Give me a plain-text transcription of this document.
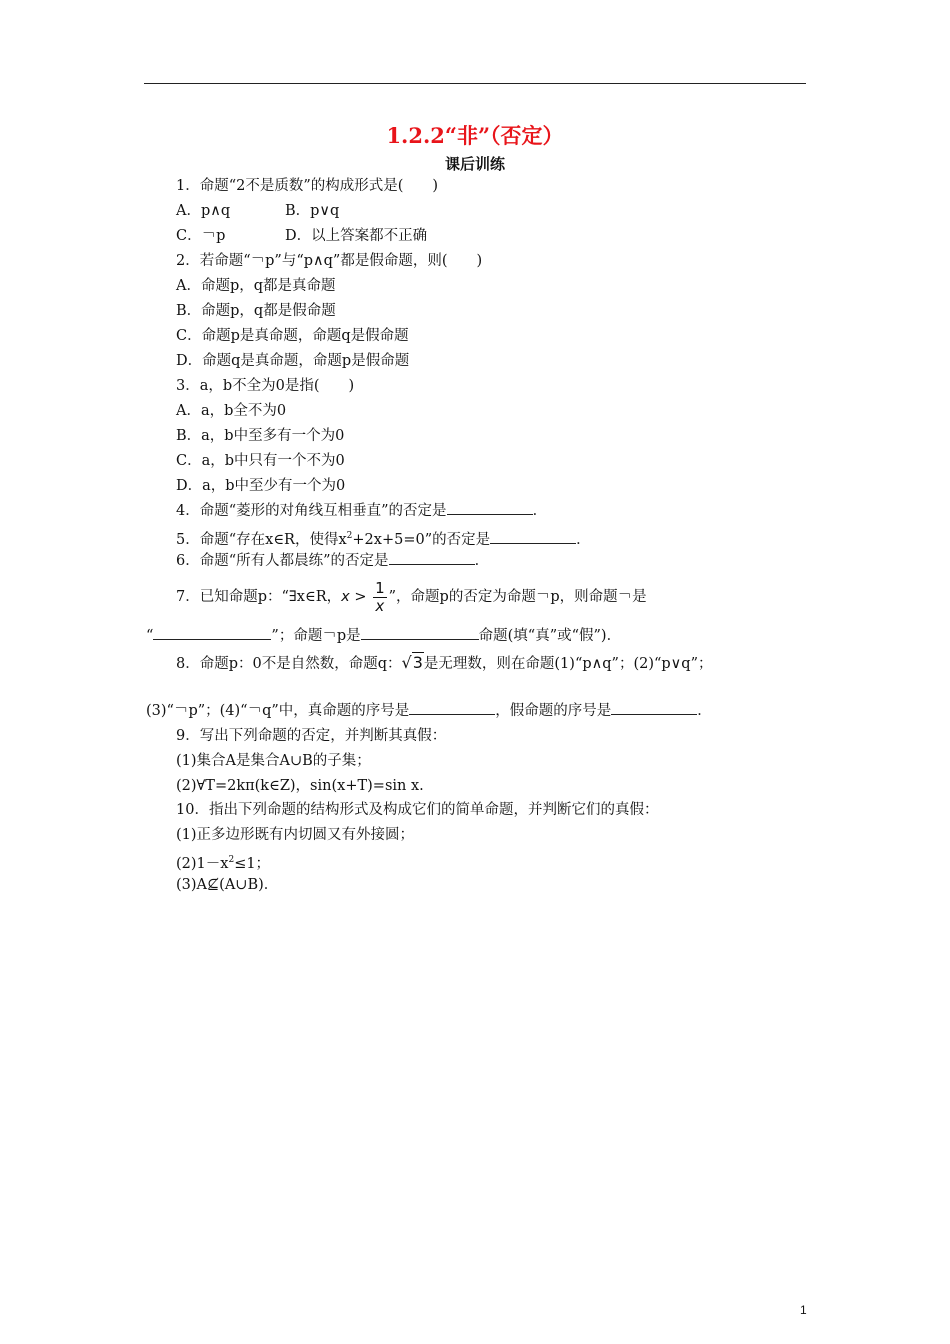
1.2.2“非”（否定）
课后训练
1．命题“2不是质数”的构成形式是(　　)
A．p∧q	B．p∨q
C．￢p	D．以上答案都不正确
2．若命题“￢p”与“p∧q”都是假命题，则(　　)
A．命题p，q都是真命题
B．命题p，q都是假命题
C．命题p是真命题，命题q是假命题
D．命题q是真命题，命题p是假命题
3．a，b不全为0是指(　　)
A．a，b全不为0
B．a，b中至多有一个为0
C．a，b中只有一个不为0
D．a，b中至少有一个为0
4．命题“菱形的对角线互相垂直”的否定是	．
5．命题“存在x∈R，使得$x^2+2x+5=0$”的否定是	．
6．命题“所有人都晨练”的否定是	．
7．已知命题p：“∃x∈R，$x > \frac{1}{x}$ ”，命题p的否定为命题￢p，则命题￢是
“	”；命题￢p是	命题(填“真”或“假”)．
8．命题p：0不是自然数，命题q：√3是无理数，则在命题(1)“p∧q”；(2)“p∨q”；
(3)“￢p”；(4)“￢q”中，真命题的序号是	，假命题的序号是	．
9．写出下列命题的否定，并判断其真假：
(1)集合A是集合A∪B的子集；
(2)∀T=2kπ(k∈Z)，sin(x+T)=sin x.
10．指出下列命题的结构形式及构成它们的简单命题，并判断它们的真假：
(1)正多边形既有内切圆又有外接圆；
$(2)1-x^2\le 1$；
(3)A⊈(A∪B)．
1
